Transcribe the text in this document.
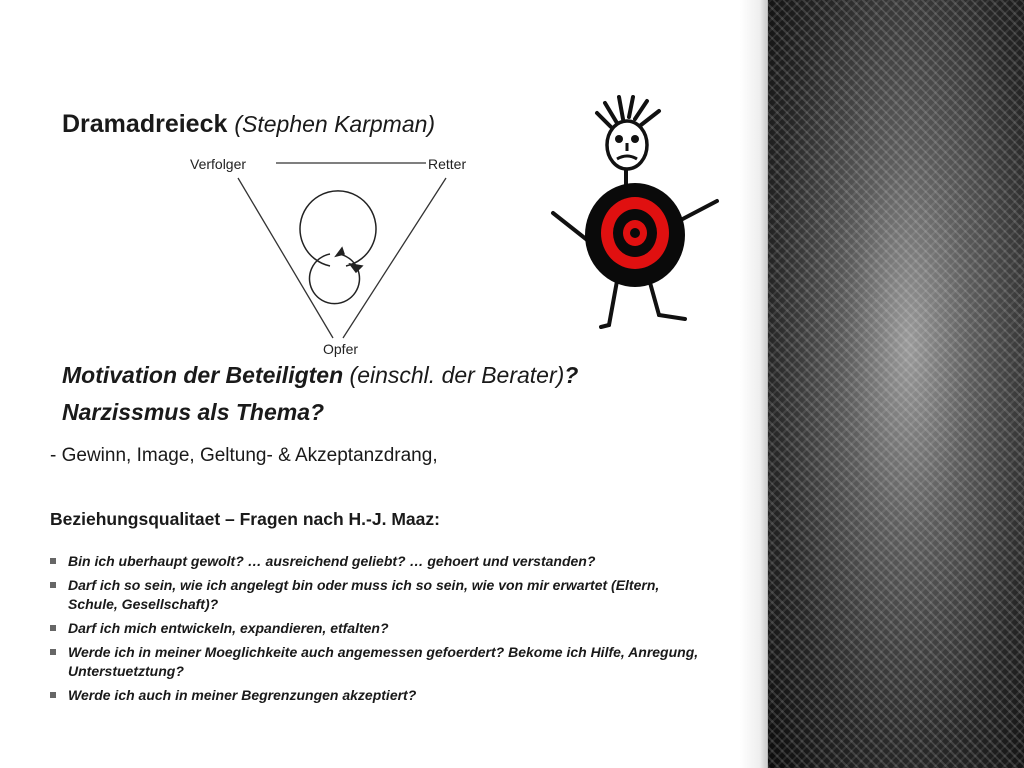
Dramadreieck (Stephen Karpman)
Verfolger	Retter
Opfer
Motivation der Beteiligten (einschl. der Berater)?
Narzissmus als Thema?
- Gewinn, Image, Geltung- & Akzeptanzdrang,
Beziehungsqualitaet – Fragen nach H.-J. Maaz:
Bin ich uberhaupt gewolt? … ausreichend geliebt? … gehoert und verstanden?
Darf ich so sein, wie ich angelegt bin oder muss ich so sein, wie von mir erwartet (Eltern, Schule, Gesellschaft)?
Darf ich mich entwickeln, expandieren, etfalten?
Werde ich in meiner Moeglichkeite auch angemessen gefoerdert? Bekome ich Hilfe, Anregung, Unterstuetztung?
Werde ich auch in meiner Begrenzungen akzeptiert?
